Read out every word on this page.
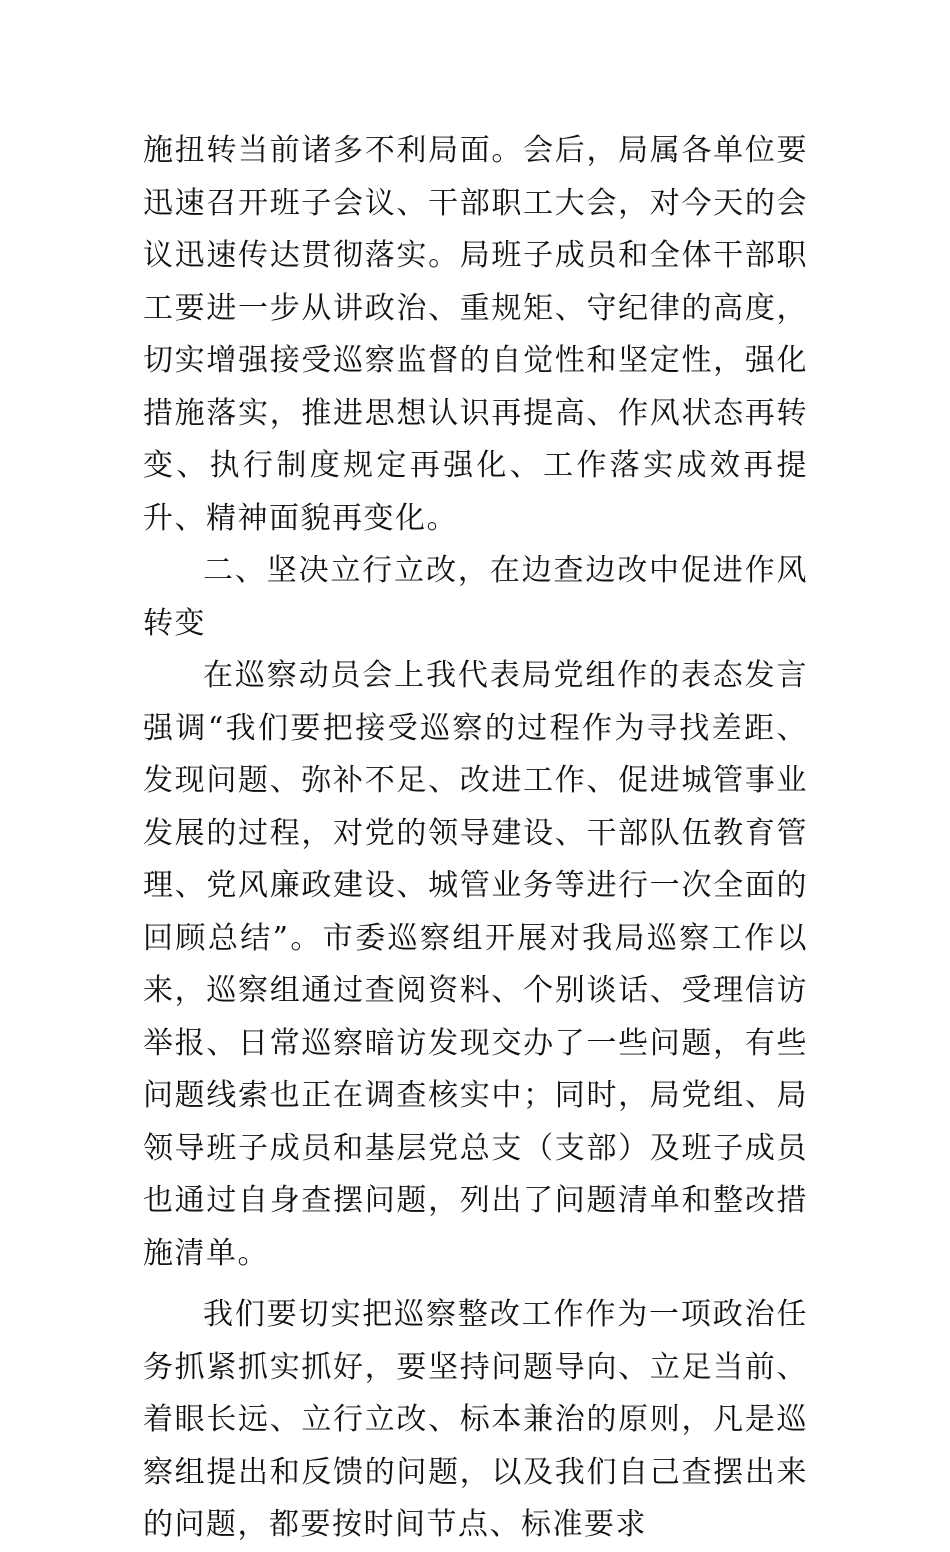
施扭转当前诸多不利局面。会后，局属各单位要迅速召开班子会议、干部职工大会，对今天的会议迅速传达贯彻落实。局班子成员和全体干部职工要进一步从讲政治、重规矩、守纪律的高度，切实增强接受巡察监督的自觉性和坚定性，强化措施落实，推进思想认识再提高、作风状态再转变、执行制度规定再强化、工作落实成效再提升、精神面貌再变化。

二、坚决立行立改，在边查边改中促进作风转变

在巡察动员会上我代表局党组作的表态发言强调“我们要把接受巡察的过程作为寻找差距、发现问题、弥补不足、改进工作、促进城管事业发展的过程，对党的领导建设、干部队伍教育管理、党风廉政建设、城管业务等进行一次全面的回顾总结”。市委巡察组开展对我局巡察工作以来，巡察组通过查阅资料、个别谈话、受理信访举报、日常巡察暗访发现交办了一些问题，有些问题线索也正在调查核实中；同时，局党组、局领导班子成员和基层党总支（支部）及班子成员也通过自身查摆问题，列出了问题清单和整改措施清单。

我们要切实把巡察整改工作作为一项政治任务抓紧抓实抓好，要坚持问题导向、立足当前、着眼长远、立行立改、标本兼治的原则，凡是巡察组提出和反馈的问题，以及我们自己查摆出来的问题，都要按时间节点、标准要求
